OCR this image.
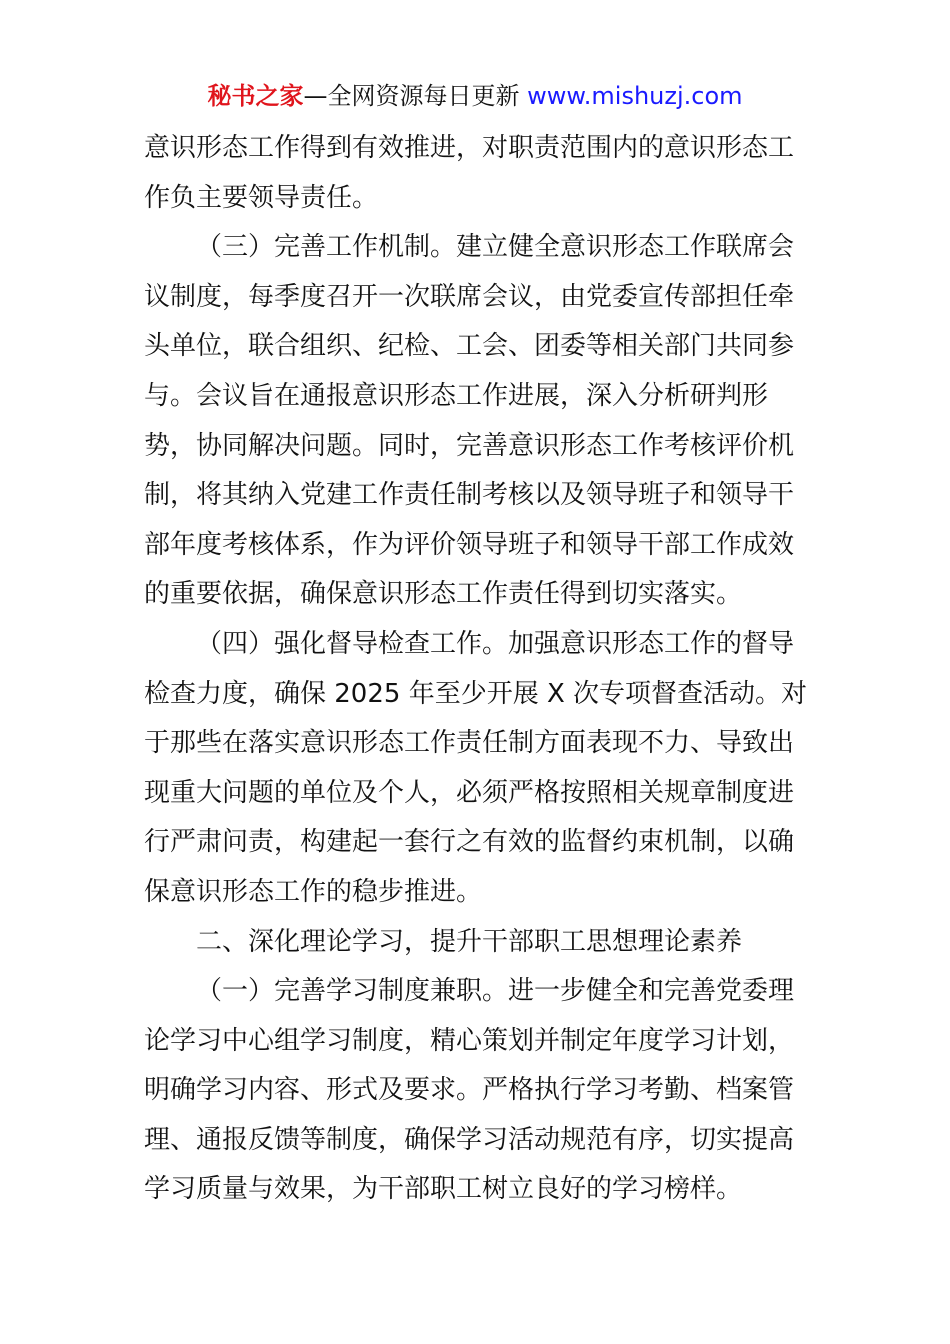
秘书之家—全网资源每日更新 www.mishuzj.com
意识形态工作得到有效推进，对职责范围内的意识形态工
作负主要领导责任。
（三）完善工作机制。建立健全意识形态工作联席会
议制度，每季度召开一次联席会议，由党委宣传部担任牵
头单位，联合组织、纪检、工会、团委等相关部门共同参
与。会议旨在通报意识形态工作进展，深入分析研判形
势，协同解决问题。同时，完善意识形态工作考核评价机
制，将其纳入党建工作责任制考核以及领导班子和领导干
部年度考核体系，作为评价领导班子和领导干部工作成效
的重要依据，确保意识形态工作责任得到切实落实。
（四）强化督导检查工作。加强意识形态工作的督导
检查力度，确保 2025 年至少开展 X 次专项督查活动。对
于那些在落实意识形态工作责任制方面表现不力、导致出
现重大问题的单位及个人，必须严格按照相关规章制度进
行严肃问责，构建起一套行之有效的监督约束机制，以确
保意识形态工作的稳步推进。
二、深化理论学习，提升干部职工思想理论素养
（一）完善学习制度兼职。进一步健全和完善党委理
论学习中心组学习制度，精心策划并制定年度学习计划，
明确学习内容、形式及要求。严格执行学习考勤、档案管
理、通报反馈等制度，确保学习活动规范有序，切实提高
学习质量与效果，为干部职工树立良好的学习榜样。
